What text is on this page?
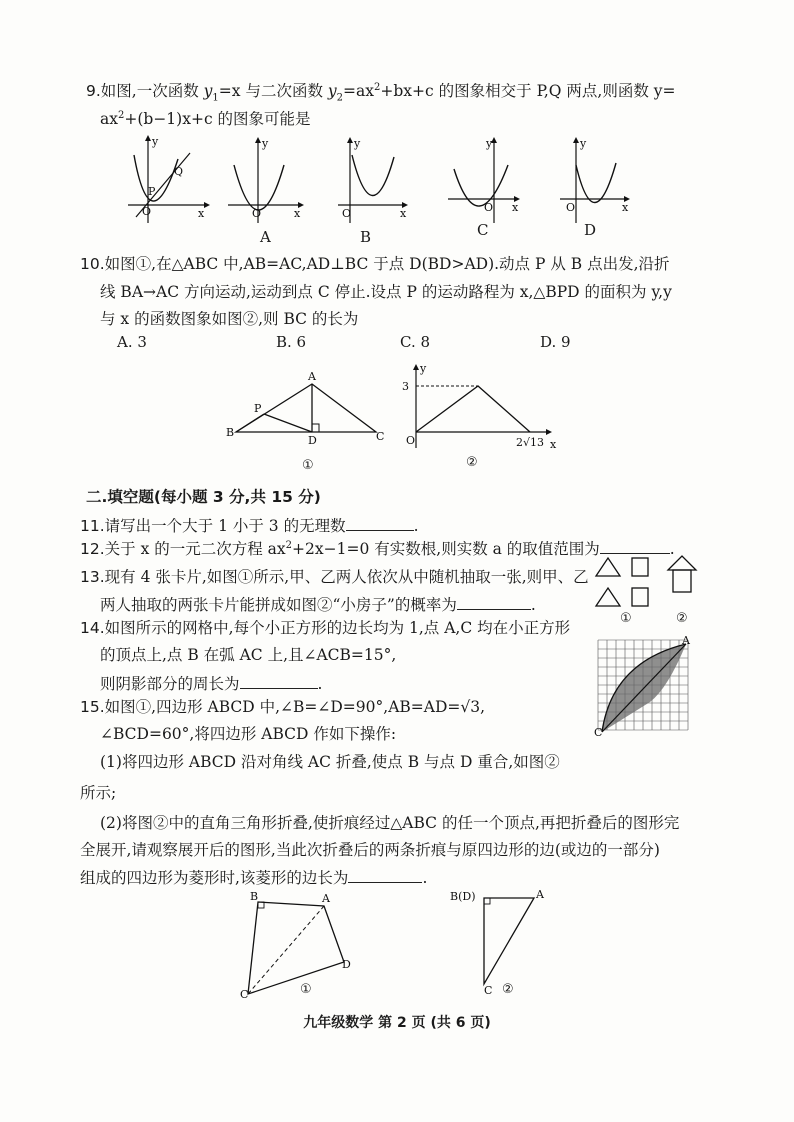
9.如图,一次函数 $y_1=x$ 与二次函数 $y_2=ax^2+bx+c$ 的图象相交于 P,Q 两点,则函数 y=
$ax^2+(b-1)x+c$ 的图象可能是
y
x
O
P
Q
y
x
O
y
x
O
y
x
O
y
x
O
A	B	C	D
10.如图①,在△ABC 中,AB=AC,AD⊥BC 于点 D(BD>AD).动点 P 从 B 点出发,沿折
线 BA→AC 方向运动,运动到点 C 停止.设点 P 的运动路程为 x,△BPD 的面积为 y,y
与 x 的函数图象如图②,则 BC 的长为
A. 3	B. 6	C. 8	D. 9
A
B	C
D
P
①
y
x
O
3
2√13
②
二.填空题(每小题 3 分,共 15 分)
11.请写出一个大于 1 小于 3 的无理数	.
12.关于 x 的一元二次方程 $ax^2+2x-1=0$ 有实数根,则实数 a 的取值范围为	.
13.现有 4 张卡片,如图①所示,甲、乙两人依次从中随机抽取一张,则甲、乙
两人抽取的两张卡片能拼成如图②“小房子”的概率为	.
①	②
14.如图所示的网格中,每个小正方形的边长均为 1,点 A,C 均在小正方形
的顶点上,点 B 在弧 AC 上,且∠ACB=15°,
则阴影部分的周长为	.
C
A
15.如图①,四边形 ABCD 中,∠B=∠D=90°,AB=AD=√3,
∠BCD=60°,将四边形 ABCD 作如下操作:
(1)将四边形 ABCD 沿对角线 AC 折叠,使点 B 与点 D 重合,如图②
所示;
(2)将图②中的直角三角形折叠,使折痕经过△ABC 的任一个顶点,再把折叠后的图形完
全展开,请观察展开后的图形,当此次折叠后的两条折痕与原四边形的边(或边的一部分)
组成的四边形为菱形时,该菱形的边长为	.
B	A
D
C	①
B(D)	A
C ②
九年级数学 第 2 页 (共 6 页)
